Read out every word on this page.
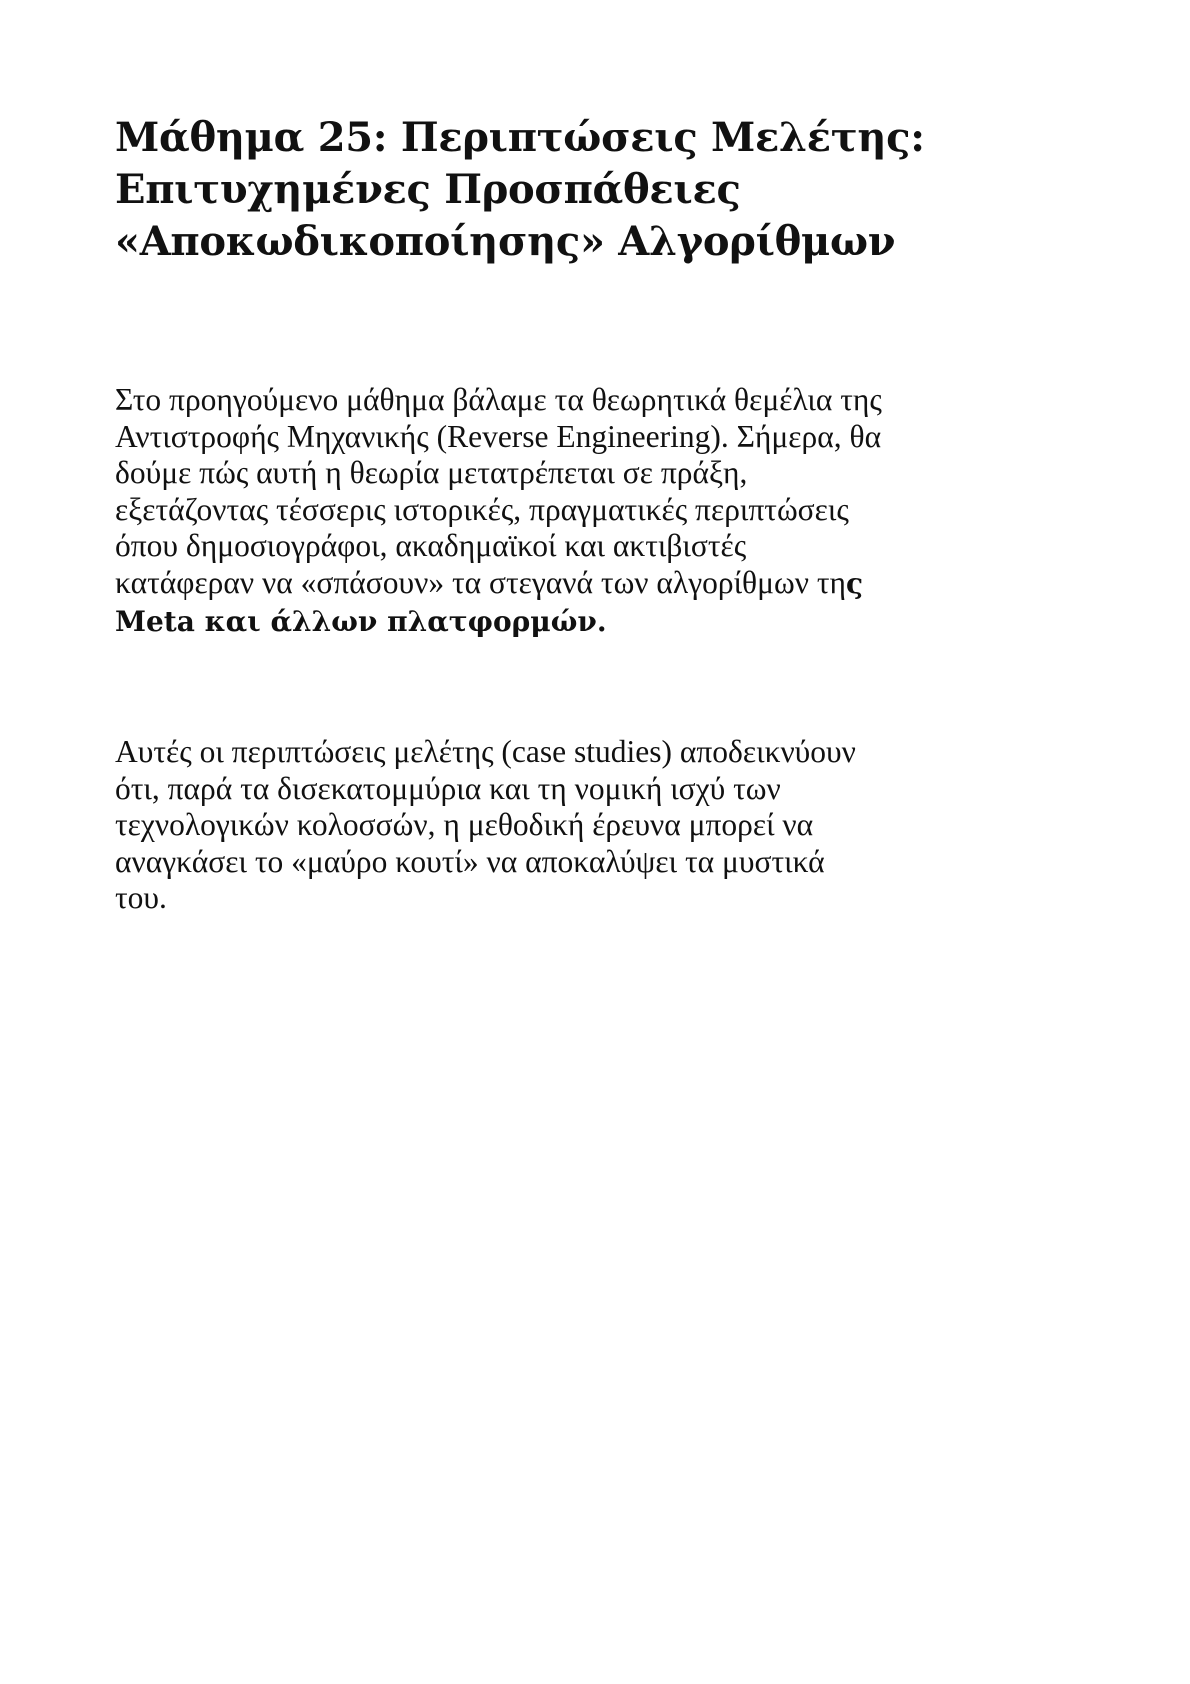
Μάθημα 25: Περιπτώσεις Μελέτης:
Επιτυχημένες Προσπάθειες
«Αποκωδικοποίησης» Αλγορίθμων
Στο προηγούμενο μάθημα βάλαμε τα θεωρητικά θεμέλια της
Αντιστροφής Μηχανικής (Reverse Engineering). Σήμερα, θα
δούμε πώς αυτή η θεωρία μετατρέπεται σε πράξη,
εξετάζοντας τέσσερις ιστορικές, πραγματικές περιπτώσεις
όπου δημοσιογράφοι, ακαδημαϊκοί και ακτιβιστές
κατάφεραν να «σπάσουν» τα στεγανά των αλγορίθμων της
Meta και άλλων πλατφορμών.
Αυτές οι περιπτώσεις μελέτης (case studies) αποδεικνύουν
ότι, παρά τα δισεκατομμύρια και τη νομική ισχύ των
τεχνολογικών κολοσσών, η μεθοδική έρευνα μπορεί να
αναγκάσει το «μαύρο κουτί» να αποκαλύψει τα μυστικά
του.
